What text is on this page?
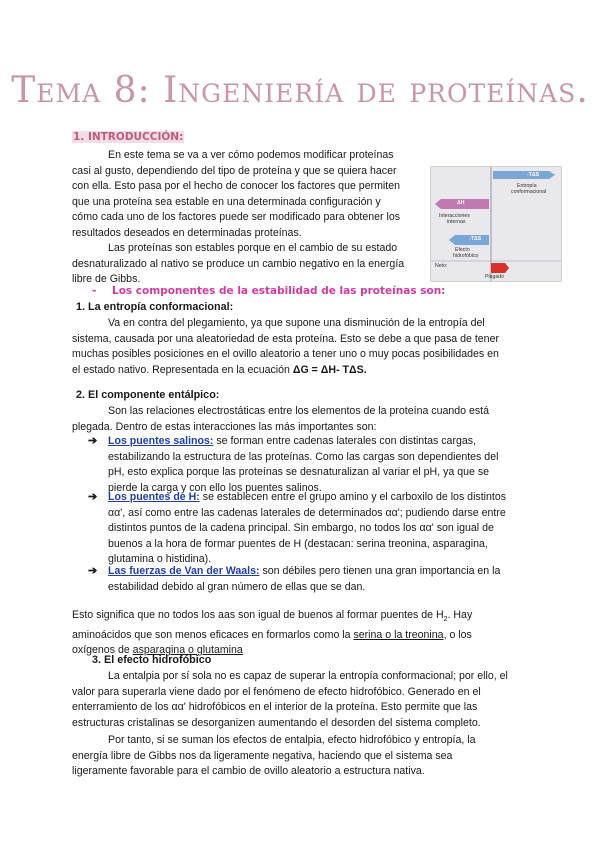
Tema 8: Ingeniería de proteínas.
1. INTRODUCCIÓN:
En este tema se va a ver cómo podemos modificar proteínas
casi al gusto, dependiendo del tipo de proteína y que se quiera hacer
con ella. Esto pasa por el hecho de conocer los factores que permiten
que una proteína sea estable en una determinada configuración y
cómo cada uno de los factores puede ser modificado para obtener los
resultados deseados en determinadas proteínas.
Las proteínas son estables porque en el cambio de su estado
desnaturalizado al nativo se produce un cambio negativo en la energía
libre de Gibbs.
-TΔS
Entropía
conformacional
ΔH
Interacciones
internas
-TΔS
Efecto
hidrofóbico
Neto:
Plegado
- Los componentes de la estabilidad de las proteínas son:
1. La entropía conformacional:
Va en contra del plegamiento, ya que supone una disminución de la entropía del
sistema, causada por una aleatoriedad de esta proteína. Esto se debe a que pasa de tener
muchas posibles posiciones en el ovillo aleatorio a tener uno o muy pocas posibilidades en
el estado nativo. Representada en la ecuación ΔG = ΔH- TΔS.
2. El componente entálpico:
Son las relaciones electrostáticas entre los elementos de la proteína cuando está
plegada. Dentro de estas interacciones las más importantes son:
➔ Los puentes salinos: se forman entre cadenas laterales con distintas cargas,
estabilizando la estructura de las proteínas. Como las cargas son dependientes del
pH, esto explica porque las proteínas se desnaturalizan al variar el pH, ya que se
pierde la carga y con ello los puentes salinos.
➔ Los puentes de H: se establecen entre el grupo amino y el carboxilo de los distintos
αα', así como entre las cadenas laterales de determinados αα'; pudiendo darse entre
distintos puntos de la cadena principal. Sin embargo, no todos los αα' son igual de
buenos a la hora de formar puentes de H (destacan: serina treonina, asparagina,
glutamina o histidina).
➔ Las fuerzas de Van der Waals: son débiles pero tienen una gran importancia en la
estabilidad debido al gran número de ellas que se dan.
Esto significa que no todos los aas son igual de buenos al formar puentes de $H_2$. Hay
aminoácidos que son menos eficaces en formarlos como la serina o la treonina, o los
oxígenos de asparagina o glutamina
3. El efecto hidrofóbico
La entalpia por sí sola no es capaz de superar la entropía conformacional; por ello, el
valor para superarla viene dado por el fenómeno de efecto hidrofóbico. Generado en el
enterramiento de los αα' hidrofóbicos en el interior de la proteína. Esto permite que las
estructuras cristalinas se desorganizen aumentando el desorden del sistema completo.
Por tanto, si se suman los efectos de entalpia, efecto hidrofóbico y entropía, la
energía libre de Gibbs nos da ligeramente negativa, haciendo que el sistema sea
ligeramente favorable para el cambio de ovillo aleatorio a estructura nativa.
